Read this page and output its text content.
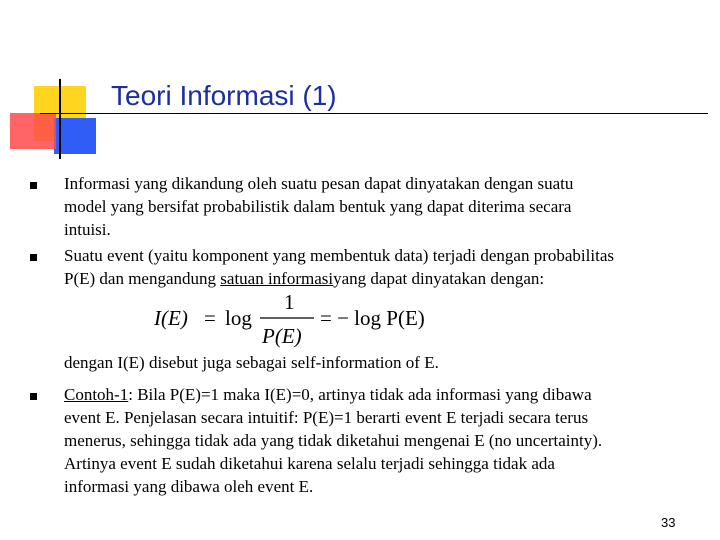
Teori Informasi (1)
Informasi yang dikandung oleh suatu pesan dapat dinyatakan dengan suatu
model yang bersifat probabilistik dalam bentuk yang dapat diterima secara
intuisi.
Suatu event (yaitu komponent yang membentuk data) terjadi dengan probabilitas
P(E) dan mengandung satuan informasiyang dapat dinyatakan dengan:
I(E) = log
1
P(E)
= − log P(E)
dengan I(E) disebut juga sebagai self-information of E.
Contoh-1: Bila P(E)=1 maka I(E)=0, artinya tidak ada informasi yang dibawa
event E. Penjelasan secara intuitif: P(E)=1 berarti event E terjadi secara terus
menerus, sehingga tidak ada yang tidak diketahui mengenai E (no uncertainty).
Artinya event E sudah diketahui karena selalu terjadi sehingga tidak ada
informasi yang dibawa oleh event E.
33
